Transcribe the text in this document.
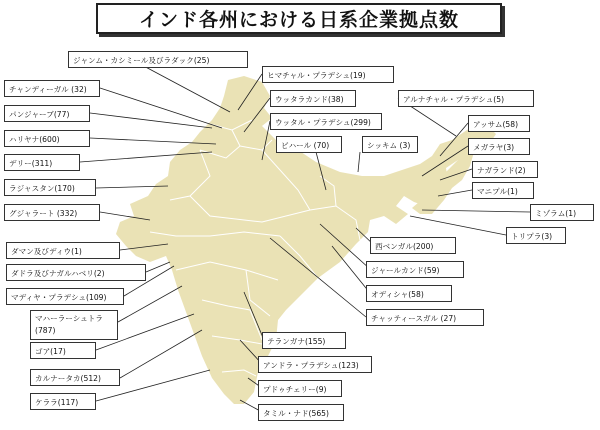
インド各州における日系企業拠点数
ジャンム・カシミール及びラダック(25)
チャンディーガル (32)
パンジャーブ(77)
ハリヤナ(600)
デリー(311)
ラジャスタン(170)
グジャラート (332)
ダマン及びディウ(1)
ダドラ及びナガルハベリ(2)
マディヤ・プラデシュ(109)
マハーラーシュトラ
(787)
ゴア(17)
カルナータカ(512)
ケララ(117)
ヒマチャル・プラデシュ(19)
ウッタラカンド(38)
ウッタル・プラデシュ(299)
ビハール (70)	シッキム (3)
アルナチャル・プラデシュ(5)
アッサム(58)
メガラヤ(3)
ナガランド(2)
マニプル(1)
ミゾラム(1)
トリプラ(3)
西ベンガル(200)
ジャールカンド(59)
オディシャ(58)
チャッティースガル (27)
テランガナ(155)
アンドラ・プラデシュ(123)
プドゥチェリー(9)
タミル・ナド(565)
